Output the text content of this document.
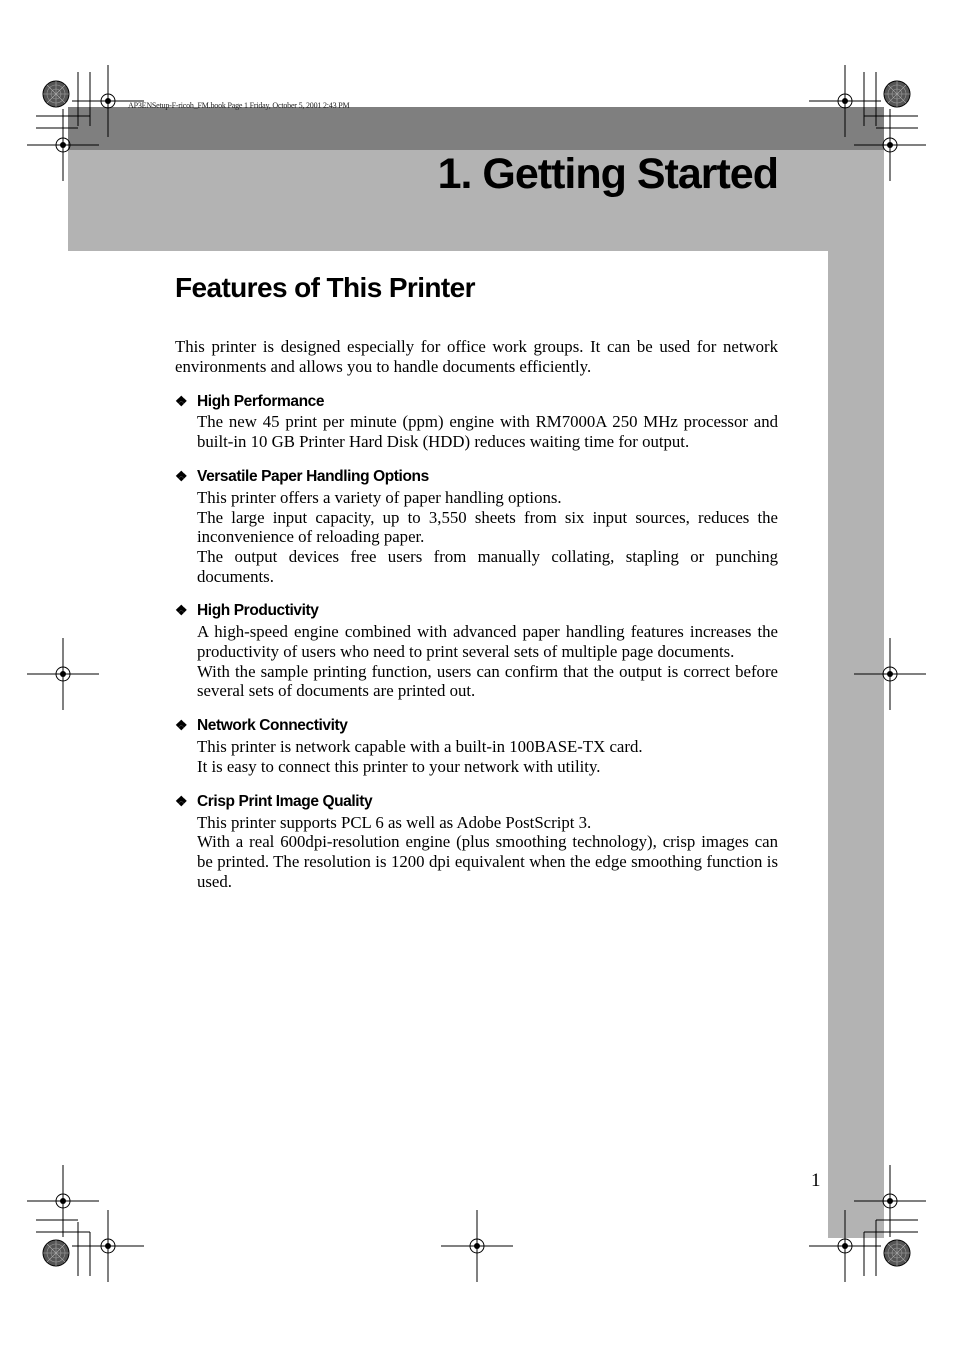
AP3ENSetup-F-ricoh_FM.book Page 1 Friday, October 5, 2001 2:43 PM
1. Getting Started
Features of This Printer

This printer is designed especially for office work groups. It can be used for network environments and allows you to handle documents efficiently.

❖ High Performance

The new 45 print per minute (ppm) engine with RM7000A 250 MHz processor and built-in 10 GB Printer Hard Disk (HDD) reduces waiting time for output.

❖ Versatile Paper Handling Options

This printer offers a variety of paper handling options.

The large input capacity, up to 3,550 sheets from six input sources, reduces the inconvenience of reloading paper.

The output devices free users from manually collating, stapling or punching documents.

❖ High Productivity

A high-speed engine combined with advanced paper handling features increases the productivity of users who need to print several sets of multiple page documents.

With the sample printing function, users can confirm that the output is correct before several sets of documents are printed out.

❖ Network Connectivity

This printer is network capable with a built-in 100BASE-TX card.

It is easy to connect this printer to your network with utility.

❖ Crisp Print Image Quality

This printer supports PCL 6 as well as Adobe PostScript 3.

With a real 600dpi-resolution engine (plus smoothing technology), crisp images can be printed. The resolution is 1200 dpi equivalent when the edge smoothing function is used.

1
